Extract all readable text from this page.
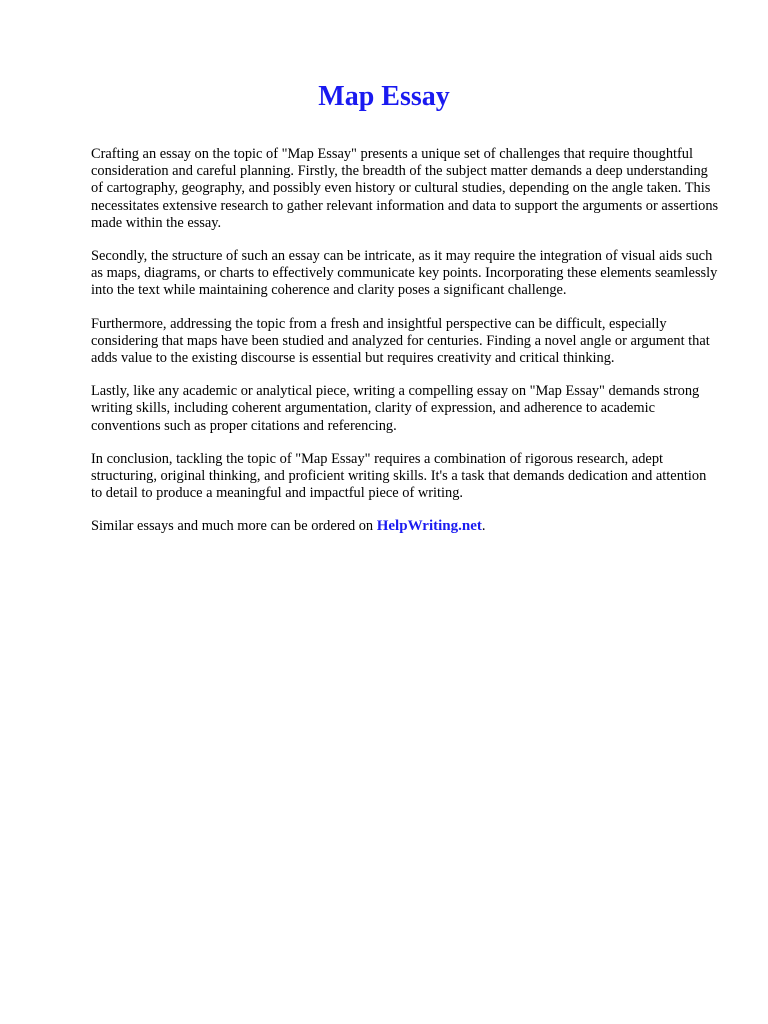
Map Essay

Crafting an essay on the topic of "Map Essay" presents a unique set of challenges that require thoughtful consideration and careful planning. Firstly, the breadth of the subject matter demands a deep understanding of cartography, geography, and possibly even history or cultural studies, depending on the angle taken. This necessitates extensive research to gather relevant information and data to support the arguments or assertions made within the essay.

Secondly, the structure of such an essay can be intricate, as it may require the integration of visual aids such as maps, diagrams, or charts to effectively communicate key points. Incorporating these elements seamlessly into the text while maintaining coherence and clarity poses a significant challenge.

Furthermore, addressing the topic from a fresh and insightful perspective can be difficult, especially considering that maps have been studied and analyzed for centuries. Finding a novel angle or argument that adds value to the existing discourse is essential but requires creativity and critical thinking.

Lastly, like any academic or analytical piece, writing a compelling essay on "Map Essay" demands strong writing skills, including coherent argumentation, clarity of expression, and adherence to academic conventions such as proper citations and referencing.

In conclusion, tackling the topic of "Map Essay" requires a combination of rigorous research, adept structuring, original thinking, and proficient writing skills. It's a task that demands dedication and attention to detail to produce a meaningful and impactful piece of writing.

Similar essays and much more can be ordered on HelpWriting.net.
